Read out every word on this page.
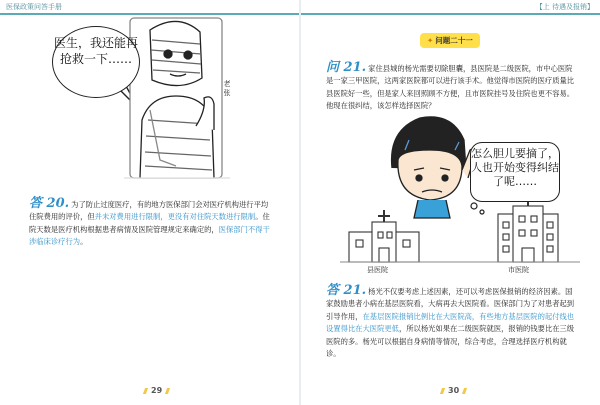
医保政策问答手册	【上 待遇及报销】
医生，我还能再抢救一下……
老张
✦ 问题二十一
问 21. 家住县城的杨光需要切除胆囊，县医院是二级医院，市中心医院是一家三甲医院，这两家医院都可以进行该手术。他觉得市医院的医疗质量比县医院好一些，但是家人来回照顾不方便，且市医院挂号及住院也更不容易。他现在很纠结，该怎样选择医院？
怎么胆儿要摘了，人也开始变得纠结了呢……
县医院	市医院
答 20. 为了防止过度医疗，有的地方医保部门会对医疗机构进行平均住院费用的评价，但并未对费用进行限制，更没有对住院天数进行限制。住院天数是医疗机构根据患者病情及医院管理规定来确定的，医保部门不得干涉临床诊疗行为。
答 21. 杨光不仅要考虑上述因素，还可以考虑医保报销的经济因素。国家鼓励患者小病在基层医院看，大病再去大医院看。医保部门为了对患者起到引导作用，在基层医院报销比例比在大医院高，有些地方基层医院的起付线也设置得比在大医院更低，所以杨光如果在二级医院就医，报销的钱要比在三级医院的多。杨光可以根据自身病情等情况，综合考虑，合理选择医疗机构就诊。
29	30
